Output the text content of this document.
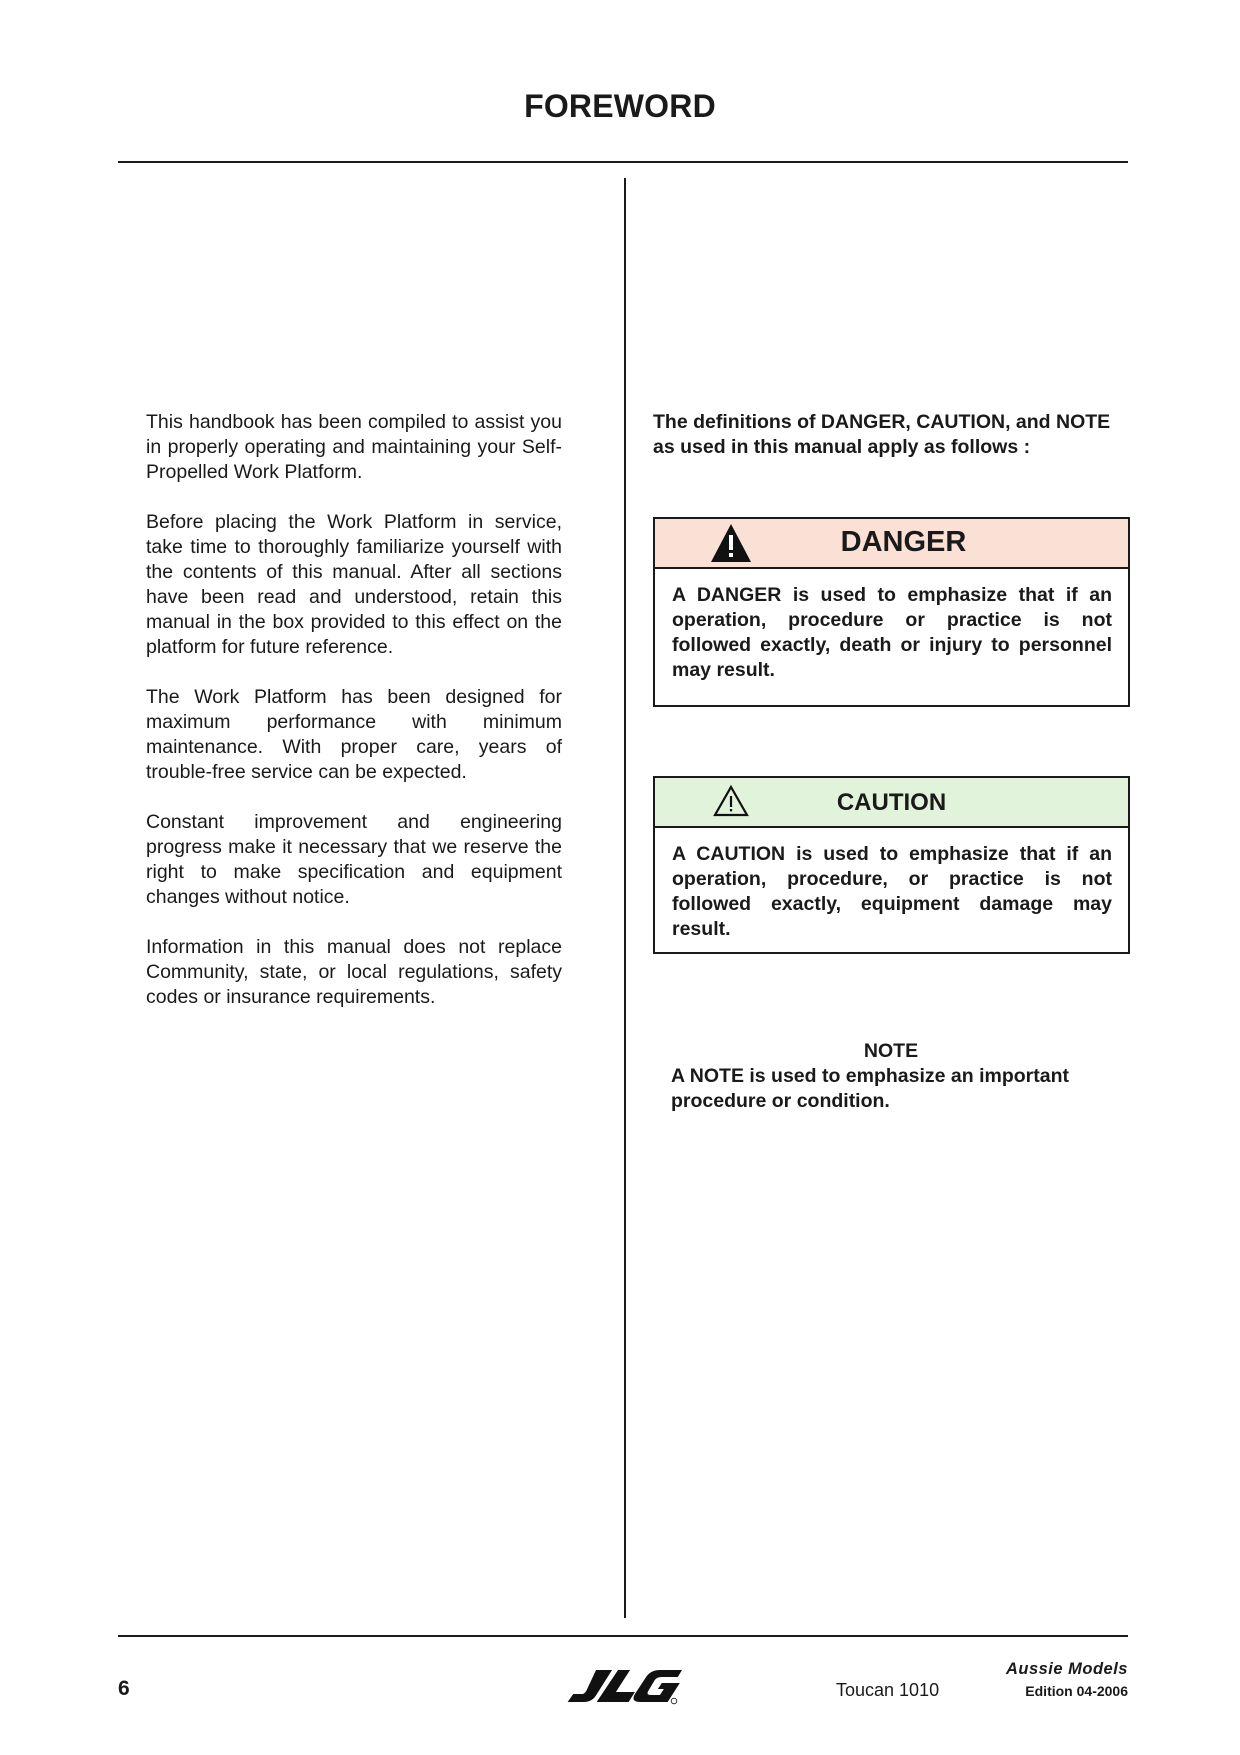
FOREWORD

This handbook has been compiled to assist you in properly operating and maintaining your Self-Propelled Work Platform.

Before placing the Work Platform in service, take time to thoroughly familiarize yourself with the contents of this manual. After all sections have been read and understood, retain this manual in the box provided to this effect on the platform for future reference.

The Work Platform has been designed for maximum performance with minimum maintenance. With proper care, years of trouble-free service can be expected.

Constant improvement and engineering progress make it necessary that we reserve the right to make specification and equipment changes without notice.

Information in this manual does not replace Community, state, or local regulations, safety codes or insurance requirements.

The definitions of DANGER, CAUTION, and NOTE as used in this manual apply as follows :

DANGER
A DANGER is used to emphasize that if an operation, procedure or practice is not followed exactly, death or injury to personnel may result.
CAUTION
A CAUTION is used to emphasize that if an operation, procedure, or practice is not followed exactly, equipment damage may result.
NOTE
A NOTE is used to emphasize an important procedure or condition.
6	Toucan 1010
Aussie Models
Edition 04-2006
